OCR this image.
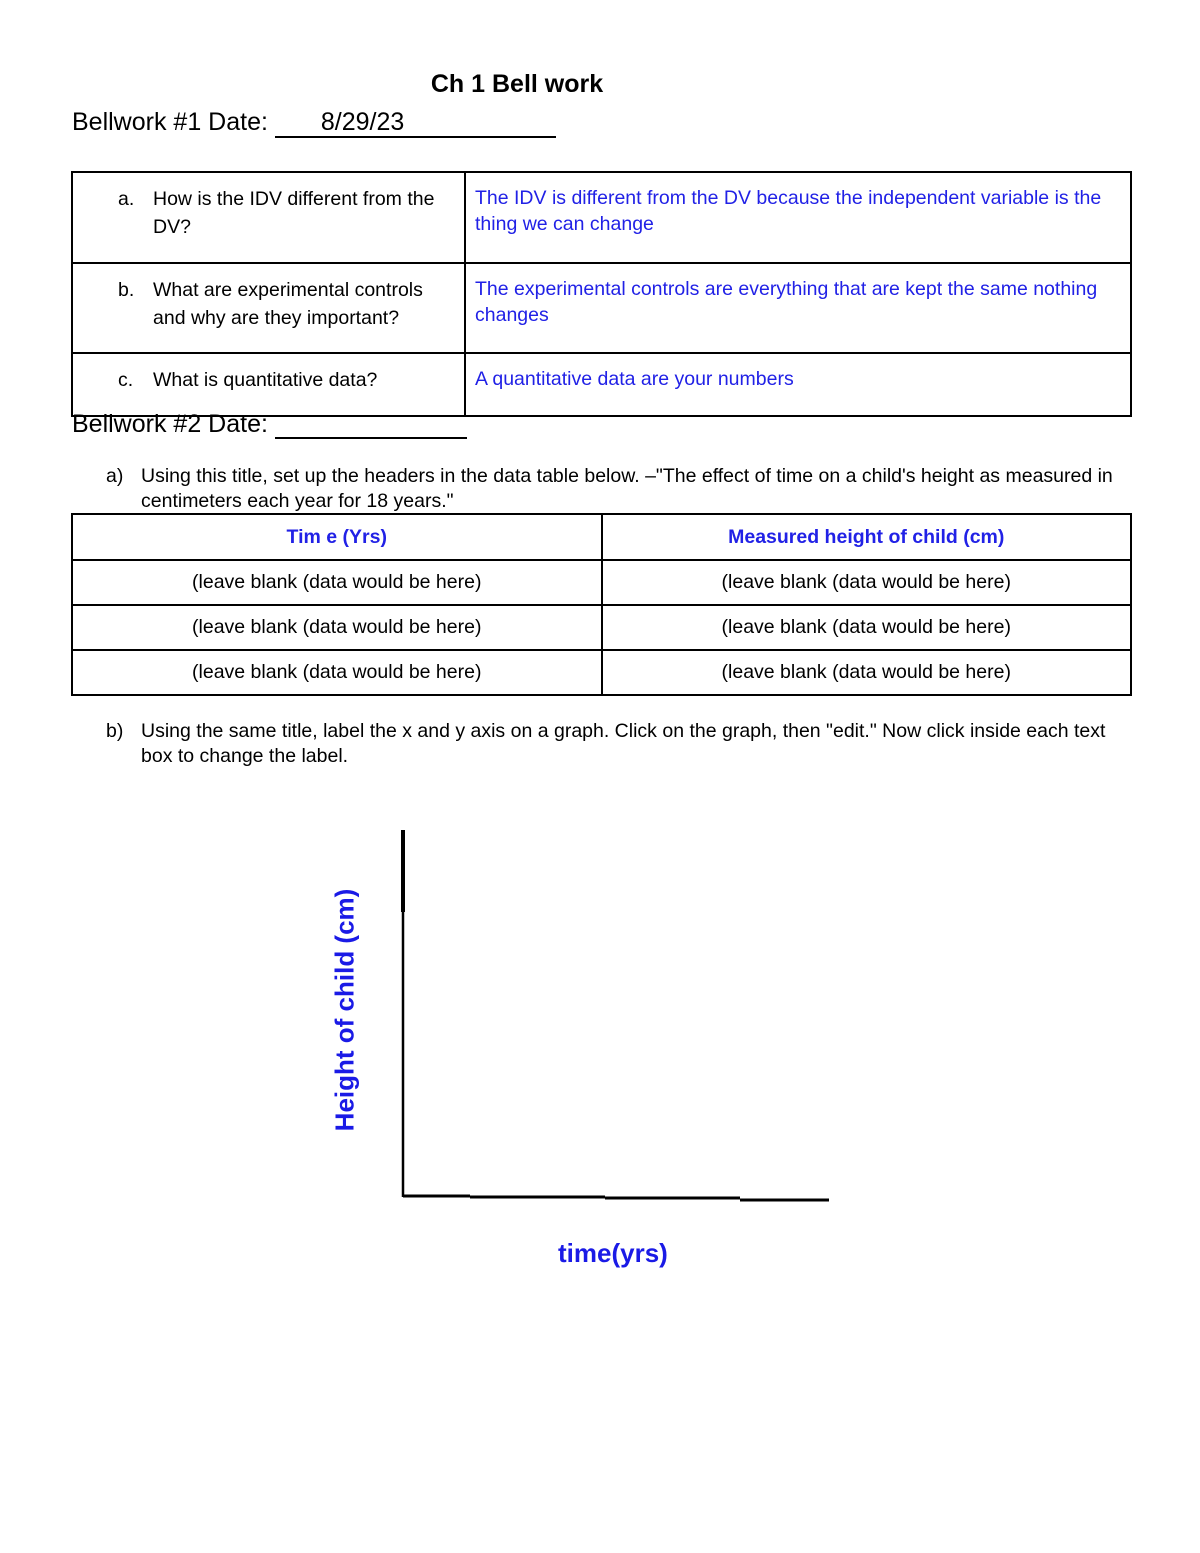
Ch 1 Bell work
Bellwork #1 Date: 8/29/23
a. How is the IDV different from the DV?	The IDV is different from the DV because the independent variable is the thing we can change

b. What are experimental controls and why are they important?	The experimental controls are everything that are kept the same nothing changes

c. What is quantitative data?	A quantitative data are your numbers
Bellwork #2 Date:
a) Using this title, set up the headers in the data table below. –"The effect of time on a child's height as measured in centimeters each year for 18 years."
Tim e (Yrs)	Measured height of child (cm)
(leave blank (data would be here)	(leave blank (data would be here)
(leave blank (data would be here)	(leave blank (data would be here)
(leave blank (data would be here)	(leave blank (data would be here)
b) Using the same title, label the x and y axis on a graph. Click on the graph, then "edit." Now click inside each text box to change the label.
Height of child (cm)
time(yrs)
